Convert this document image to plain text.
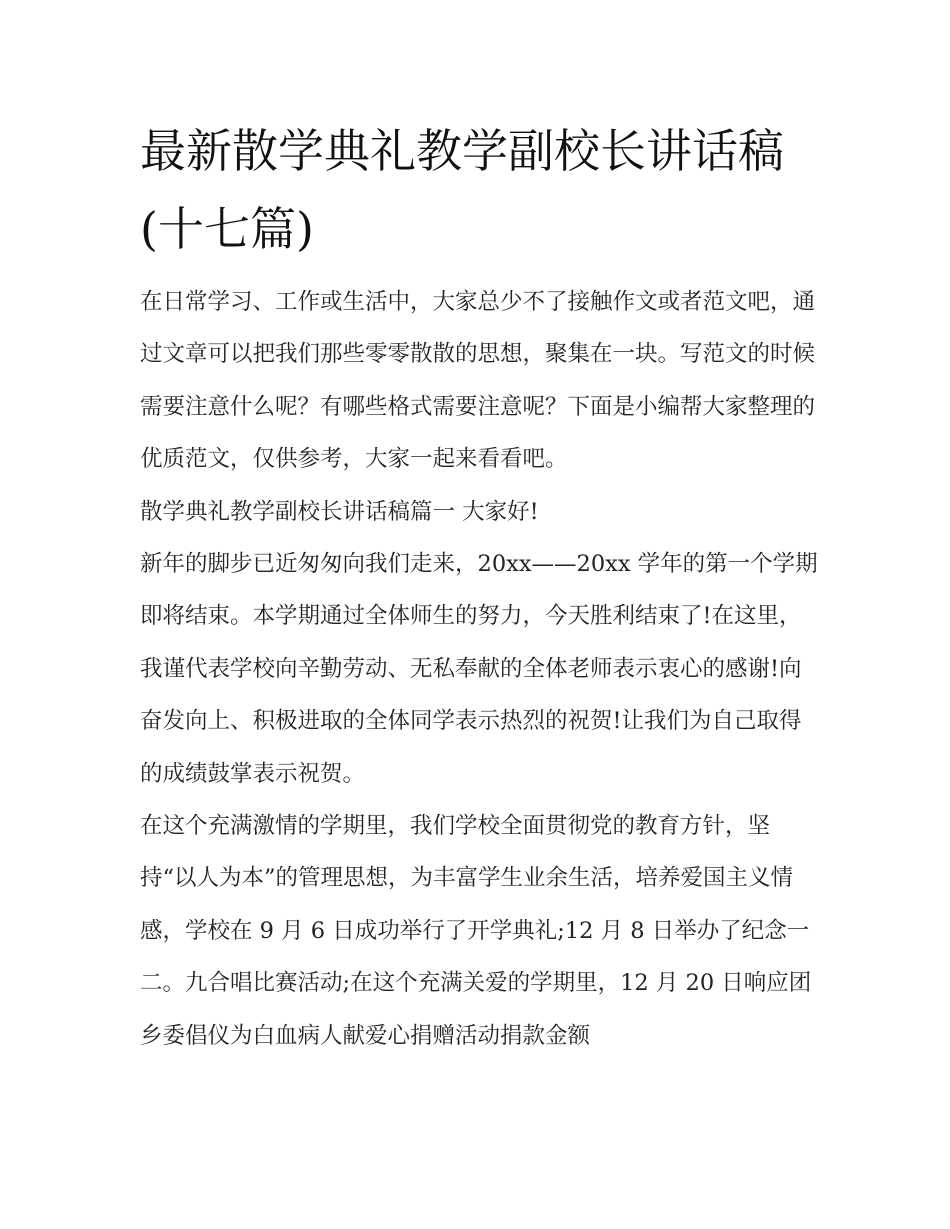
最新散学典礼教学副校长讲话稿(十七篇)

在日常学习、工作或生活中，大家总少不了接触作文或者范文吧，通过文章可以把我们那些零零散散的思想，聚集在一块。写范文的时候需要注意什么呢？有哪些格式需要注意呢？下面是小编帮大家整理的优质范文，仅供参考，大家一起来看看吧。

散学典礼教学副校长讲话稿篇一 大家好!

新年的脚步已近匆匆向我们走来，20xx——20xx 学年的第一个学期即将结束。本学期通过全体师生的努力，今天胜利结束了!在这里，我谨代表学校向辛勤劳动、无私奉献的全体老师表示衷心的感谢!向奋发向上、积极进取的全体同学表示热烈的祝贺!让我们为自己取得的成绩鼓掌表示祝贺。

在这个充满激情的学期里，我们学校全面贯彻党的教育方针，坚持“以人为本”的管理思想，为丰富学生业余生活，培养爱国主义情感，学校在 9 月 6 日成功举行了开学典礼;12 月 8 日举办了纪念一二。九合唱比赛活动;在这个充满关爱的学期里，12 月 20 日响应团乡委倡仪为白血病人献爱心捐赠活动捐款金额
